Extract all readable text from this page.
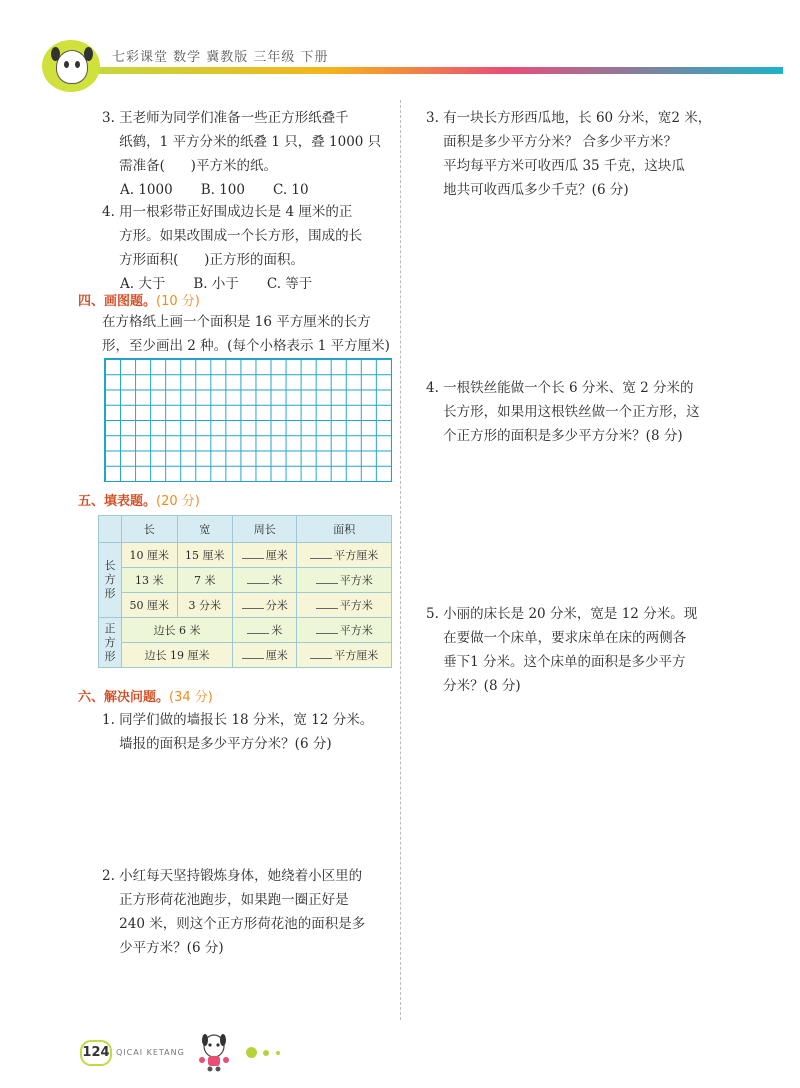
七彩课堂 数学 冀教版 三年级 下册
3. 王老师为同学们准备一些正方形纸叠千
纸鹤，1 平方分米的纸叠 1 只，叠 1000 只
需准备(      )平方米的纸。
A. 1000 B. 100 C. 10
4. 用一根彩带正好围成边长是 4 厘米的正
方形。如果改围成一个长方形，围成的长
方形面积(      )正方形的面积。
A. 大于 B. 小于 C. 等于
四、画图题。(10 分)
在方格纸上画一个面积是 16 平方厘米的长方
形，至少画出 2 种。(每个小格表示 1 平方厘米)
五、填表题。(20 分)
	长	宽	周长	面积
长方形	10 厘米	15 厘米	厘米	平方厘米
	13 米	7 米	米	平方米
	50 厘米	3 分米	分米	平方米
正方形	边长 6 米		米	平方米
	边长 19 厘米		厘米	平方厘米
六、解决问题。(34 分)
1. 同学们做的墙报长 18 分米，宽 12 分米。
墙报的面积是多少平方分米？(6 分)
2. 小红每天坚持锻炼身体，她绕着小区里的
正方形荷花池跑步，如果跑一圈正好是
240 米，则这个正方形荷花池的面积是多
少平方米？(6 分)
3. 有一块长方形西瓜地，长 60 分米，宽2 米，
面积是多少平方分米？ 合多少平方米？
平均每平方米可收西瓜 35 千克，这块瓜
地共可收西瓜多少千克？(6 分)
4. 一根铁丝能做一个长 6 分米、宽 2 分米的
长方形，如果用这根铁丝做一个正方形，这
个正方形的面积是多少平方分米？(8 分)
5. 小丽的床长是 20 分米，宽是 12 分米。现
在要做一个床单，要求床单在床的两侧各
垂下1 分米。这个床单的面积是多少平方
分米？(8 分)
124 QICAI KETANG
